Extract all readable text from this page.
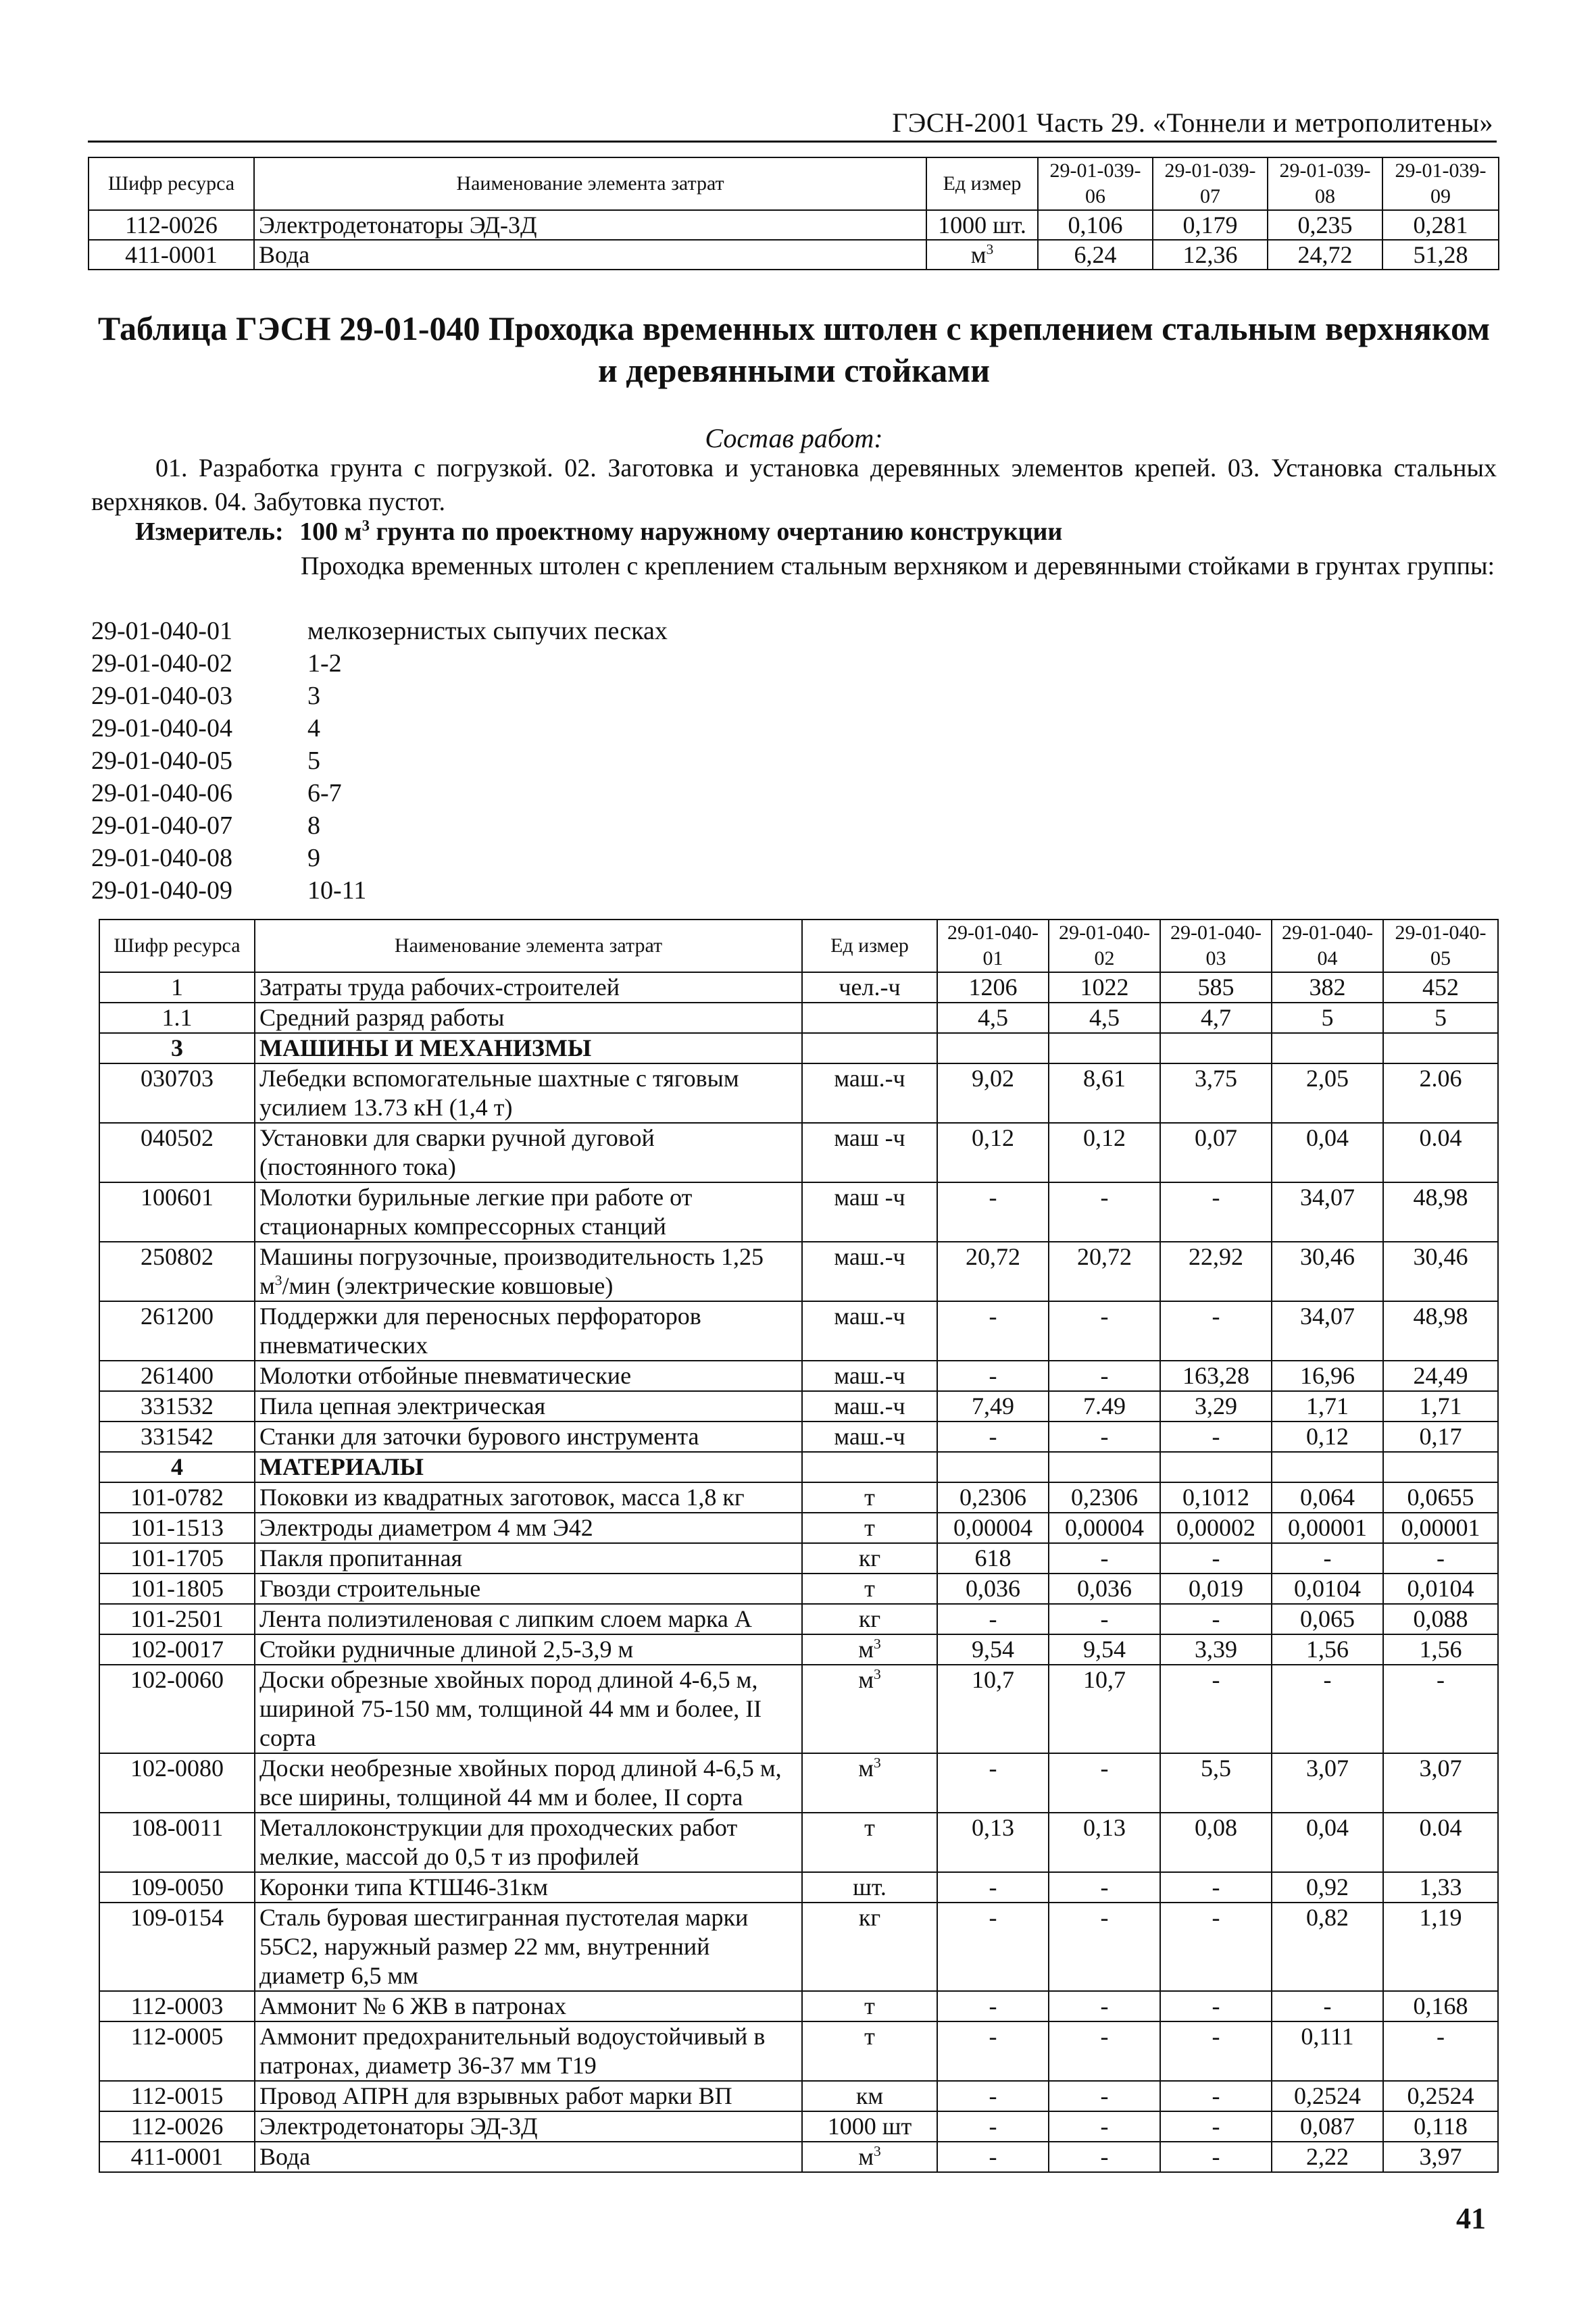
ГЭСН-2001 Часть 29. «Тоннели и метрополитены»
Шифр ресурса	Наименование элемента затрат	Ед измер	29-01-039-06	29-01-039-07	29-01-039-08	29-01-039-09
112-0026	Электродетонаторы ЭД-3Д	1000 шт.	0,106	0,179	0,235	0,281
411-0001	Вода	$м^3$	6,24	12,36	24,72	51,28
Таблица ГЭСН 29-01-040 Проходка временных штолен с креплением стальным верхняком и деревянными стойками
Состав работ:
01. Разработка грунта с погрузкой. 02. Заготовка и установка деревянных элементов крепей. 03. Установка стальных верхняков. 04. Забутовка пустот.
Измеритель: 100 $м^3$ грунта по проектному наружному очертанию конструкции
Проходка временных штолен с креплением стальным верхняком и деревянными стойками в грунтах группы:
29-01-040-01	мелкозернистых сыпучих песках
29-01-040-02	1-2
29-01-040-03	3
29-01-040-04	4
29-01-040-05	5
29-01-040-06	6-7
29-01-040-07	8
29-01-040-08	9
29-01-040-09	10-11
Шифр ресурса	Наименование элемента затрат	Ед измер	29-01-040-01	29-01-040-02	29-01-040-03	29-01-040-04	29-01-040-05
1	Затраты труда рабочих-строителей	чел.-ч	1206	1022	585	382	452
1.1	Средний разряд работы		4,5	4,5	4,7	5	5
3	МАШИНЫ И МЕХАНИЗМЫ						
030703	Лебедки вспомогательные шахтные с тяговым усилием 13.73 кН (1,4 т)	маш.-ч	9,02	8,61	3,75	2,05	2.06
040502	Установки для сварки ручной дуговой (постоянного тока)	маш -ч	0,12	0,12	0,07	0,04	0.04
100601	Молотки бурильные легкие при работе от стационарных компрессорных станций	маш -ч	-	-	-	34,07	48,98
250802	Машины погрузочные, производительность 1,25 $м^3$/мин (электрические ковшовые)	маш.-ч	20,72	20,72	22,92	30,46	30,46
261200	Поддержки для переносных перфораторов пневматических	маш.-ч	-	-	-	34,07	48,98
261400	Молотки отбойные пневматические	маш.-ч	-	-	163,28	16,96	24,49
331532	Пила цепная электрическая	маш.-ч	7,49	7.49	3,29	1,71	1,71
331542	Станки для заточки бурового инструмента	маш.-ч	-	-	-	0,12	0,17
4	МАТЕРИАЛЫ						
101-0782	Поковки из квадратных заготовок, масса 1,8 кг	т	0,2306	0,2306	0,1012	0,064	0,0655
101-1513	Электроды диаметром 4 мм Э42	т	0,00004	0,00004	0,00002	0,00001	0,00001
101-1705	Пакля пропитанная	кг	618	-	-	-	-
101-1805	Гвозди строительные	т	0,036	0,036	0,019	0,0104	0,0104
101-2501	Лента полиэтиленовая с липким слоем марка А	кг	-	-	-	0,065	0,088
102-0017	Стойки рудничные длиной 2,5-3,9 м	$м^3$	9,54	9,54	3,39	1,56	1,56
102-0060	Доски обрезные хвойных пород длиной 4-6,5 м, шириной 75-150 мм, толщиной 44 мм и более, II сорта	$м^3$	10,7	10,7	-	-	-
102-0080	Доски необрезные хвойных пород длиной 4-6,5 м, все ширины, толщиной 44 мм и более, II сорта	$м^3$	-	-	5,5	3,07	3,07
108-0011	Металлоконструкции для проходческих работ мелкие, массой до 0,5 т из профилей	т	0,13	0,13	0,08	0,04	0.04
109-0050	Коронки типа КТШ46-31км	шт.	-	-	-	0,92	1,33
109-0154	Сталь буровая шестигранная пустотелая марки 55С2, наружный размер 22 мм, внутренний диаметр 6,5 мм	кг	-	-	-	0,82	1,19
112-0003	Аммонит № 6 ЖВ в патронах	т	-	-	-	-	0,168
112-0005	Аммонит предохранительный водоустойчивый в патронах, диаметр 36-37 мм Т19	т	-	-	-	0,111	-
112-0015	Провод АПРН для взрывных работ марки ВП	км	-	-	-	0,2524	0,2524
112-0026	Электродетонаторы ЭД-3Д	1000 шт	-	-	-	0,087	0,118
411-0001	Вода	$м^3$	-	-	-	2,22	3,97
41
